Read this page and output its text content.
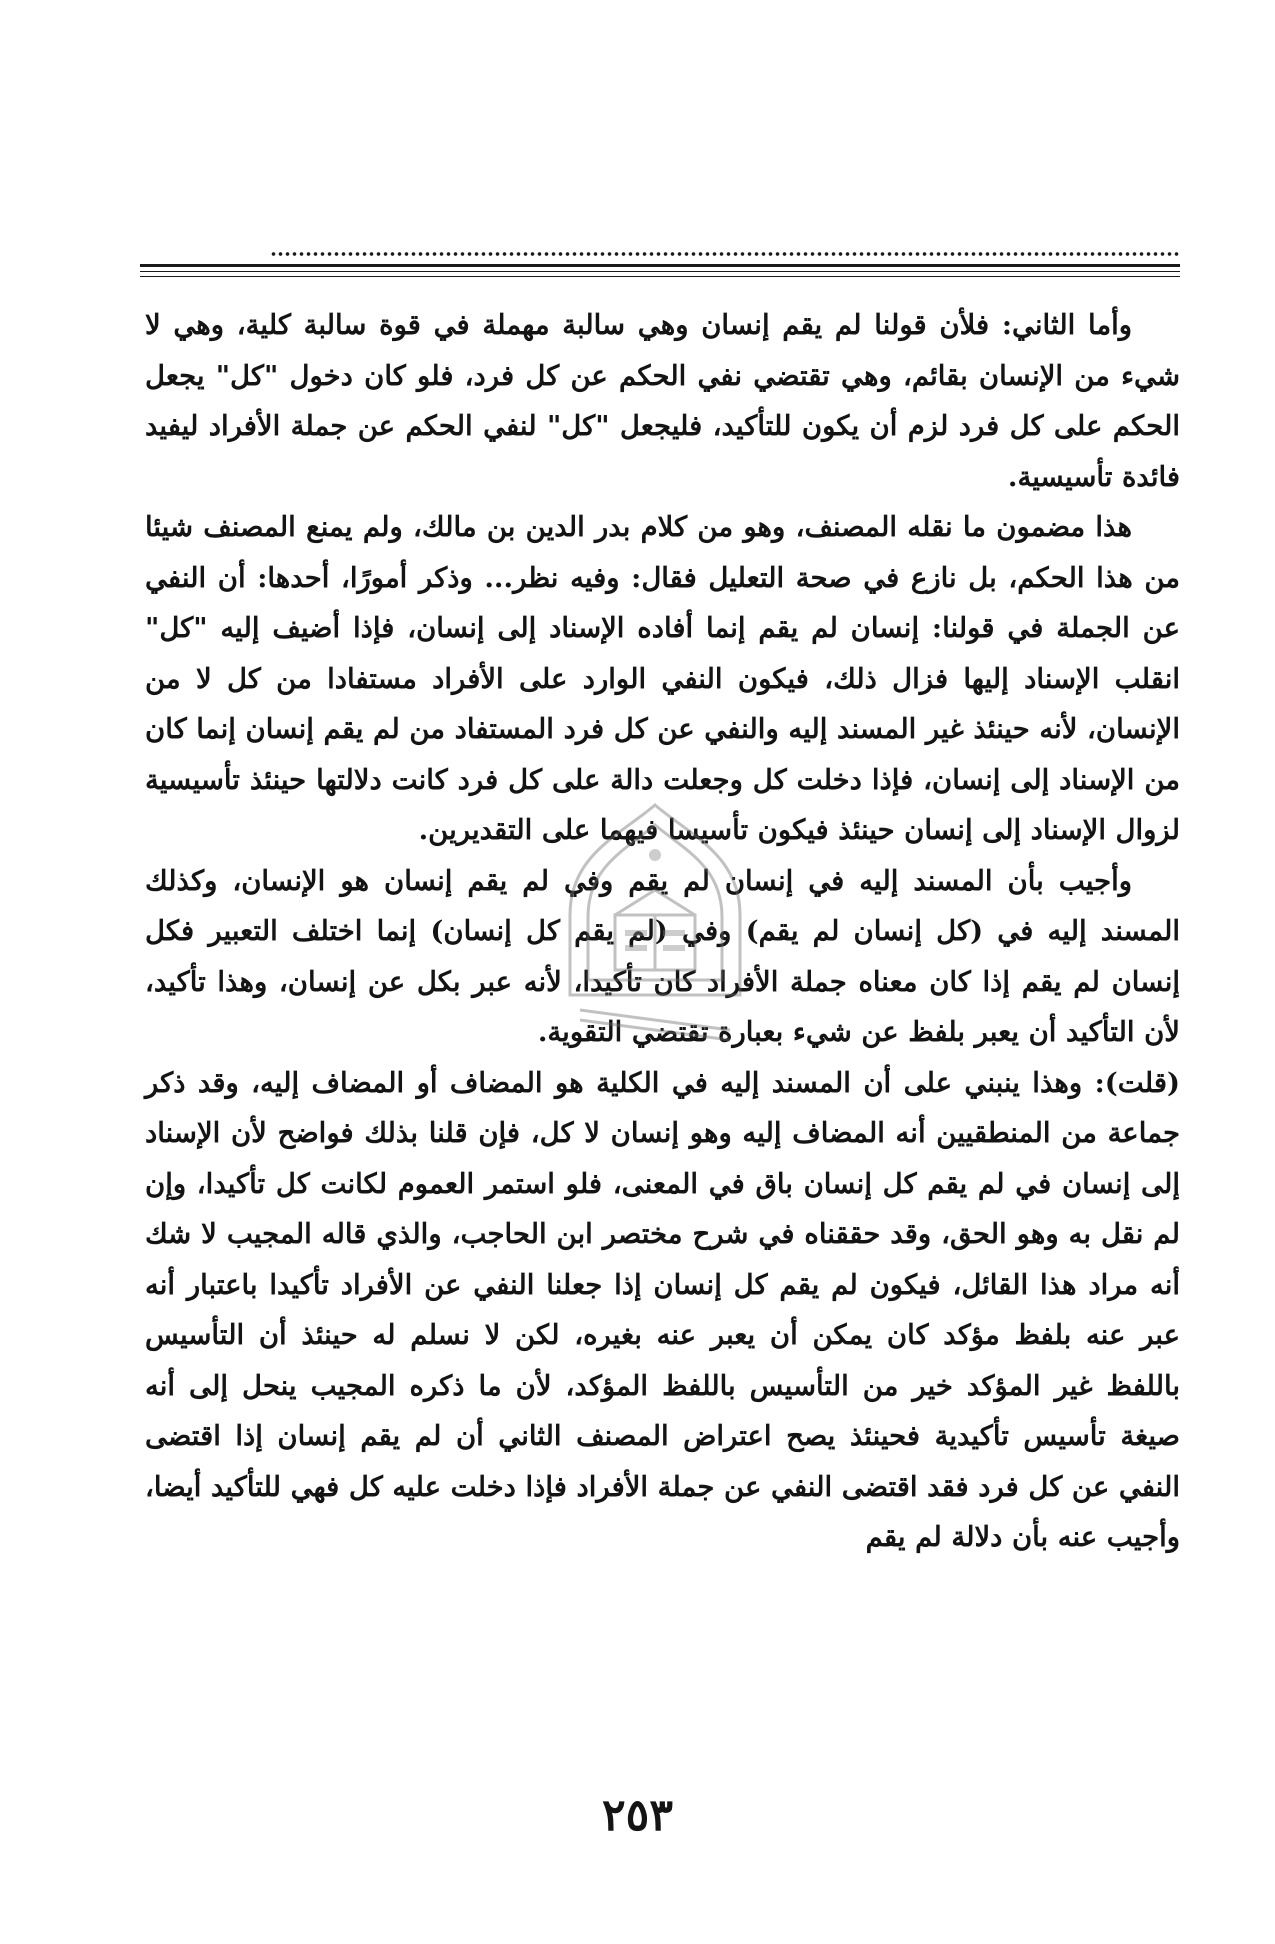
وأما الثاني: فلأن قولنا لم يقم إنسان وهي سالبة مهملة في قوة سالبة كلية، وهي لا شيء من الإنسان بقائم، وهي تقتضي نفي الحكم عن كل فرد، فلو كان دخول "كل" يجعل الحكم على كل فرد لزم أن يكون للتأكيد، فليجعل "كل" لنفي الحكم عن جملة الأفراد ليفيد فائدة تأسيسية.

هذا مضمون ما نقله المصنف، وهو من كلام بدر الدين بن مالك، ولم يمنع المصنف شيئا من هذا الحكم، بل نازع في صحة التعليل فقال: وفيه نظر... وذكر أمورًا، أحدها: أن النفي عن الجملة في قولنا: إنسان لم يقم إنما أفاده الإسناد إلى إنسان، فإذا أضيف إليه "كل" انقلب الإسناد إليها فزال ذلك، فيكون النفي الوارد على الأفراد مستفادا من كل لا من الإنسان، لأنه حينئذ غير المسند إليه والنفي عن كل فرد المستفاد من لم يقم إنسان إنما كان من الإسناد إلى إنسان، فإذا دخلت كل وجعلت دالة على كل فرد كانت دلالتها حينئذ تأسيسية لزوال الإسناد إلى إنسان حينئذ فيكون تأسيسا فيهما على التقديرين.

وأجيب بأن المسند إليه في إنسان لم يقم وفي لم يقم إنسان هو الإنسان، وكذلك المسند إليه في (كل إنسان لم يقم) وفي (لم يقم كل إنسان) إنما اختلف التعبير فكل إنسان لم يقم إذا كان معناه جملة الأفراد كان تأكيدا، لأنه عبر بكل عن إنسان، وهذا تأكيد، لأن التأكيد أن يعبر بلفظ عن شيء بعبارة تقتضي التقوية.

(قلت): وهذا ينبني على أن المسند إليه في الكلية هو المضاف أو المضاف إليه، وقد ذكر جماعة من المنطقيين أنه المضاف إليه وهو إنسان لا كل، فإن قلنا بذلك فواضح لأن الإسناد إلى إنسان في لم يقم كل إنسان باق في المعنى، فلو استمر العموم لكانت كل تأكيدا، وإن لم نقل به وهو الحق، وقد حققناه في شرح مختصر ابن الحاجب، والذي قاله المجيب لا شك أنه مراد هذا القائل، فيكون لم يقم كل إنسان إذا جعلنا النفي عن الأفراد تأكيدا باعتبار أنه عبر عنه بلفظ مؤكد كان يمكن أن يعبر عنه بغيره، لكن لا نسلم له حينئذ أن التأسيس باللفظ غير المؤكد خير من التأسيس باللفظ المؤكد، لأن ما ذكره المجيب ينحل إلى أنه صيغة تأسيس تأكيدية فحينئذ يصح اعتراض المصنف الثاني أن لم يقم إنسان إذا اقتضى النفي عن كل فرد فقد اقتضى النفي عن جملة الأفراد فإذا دخلت عليه كل فهي للتأكيد أيضا، وأجيب عنه بأن دلالة لم يقم

٢٥٣
